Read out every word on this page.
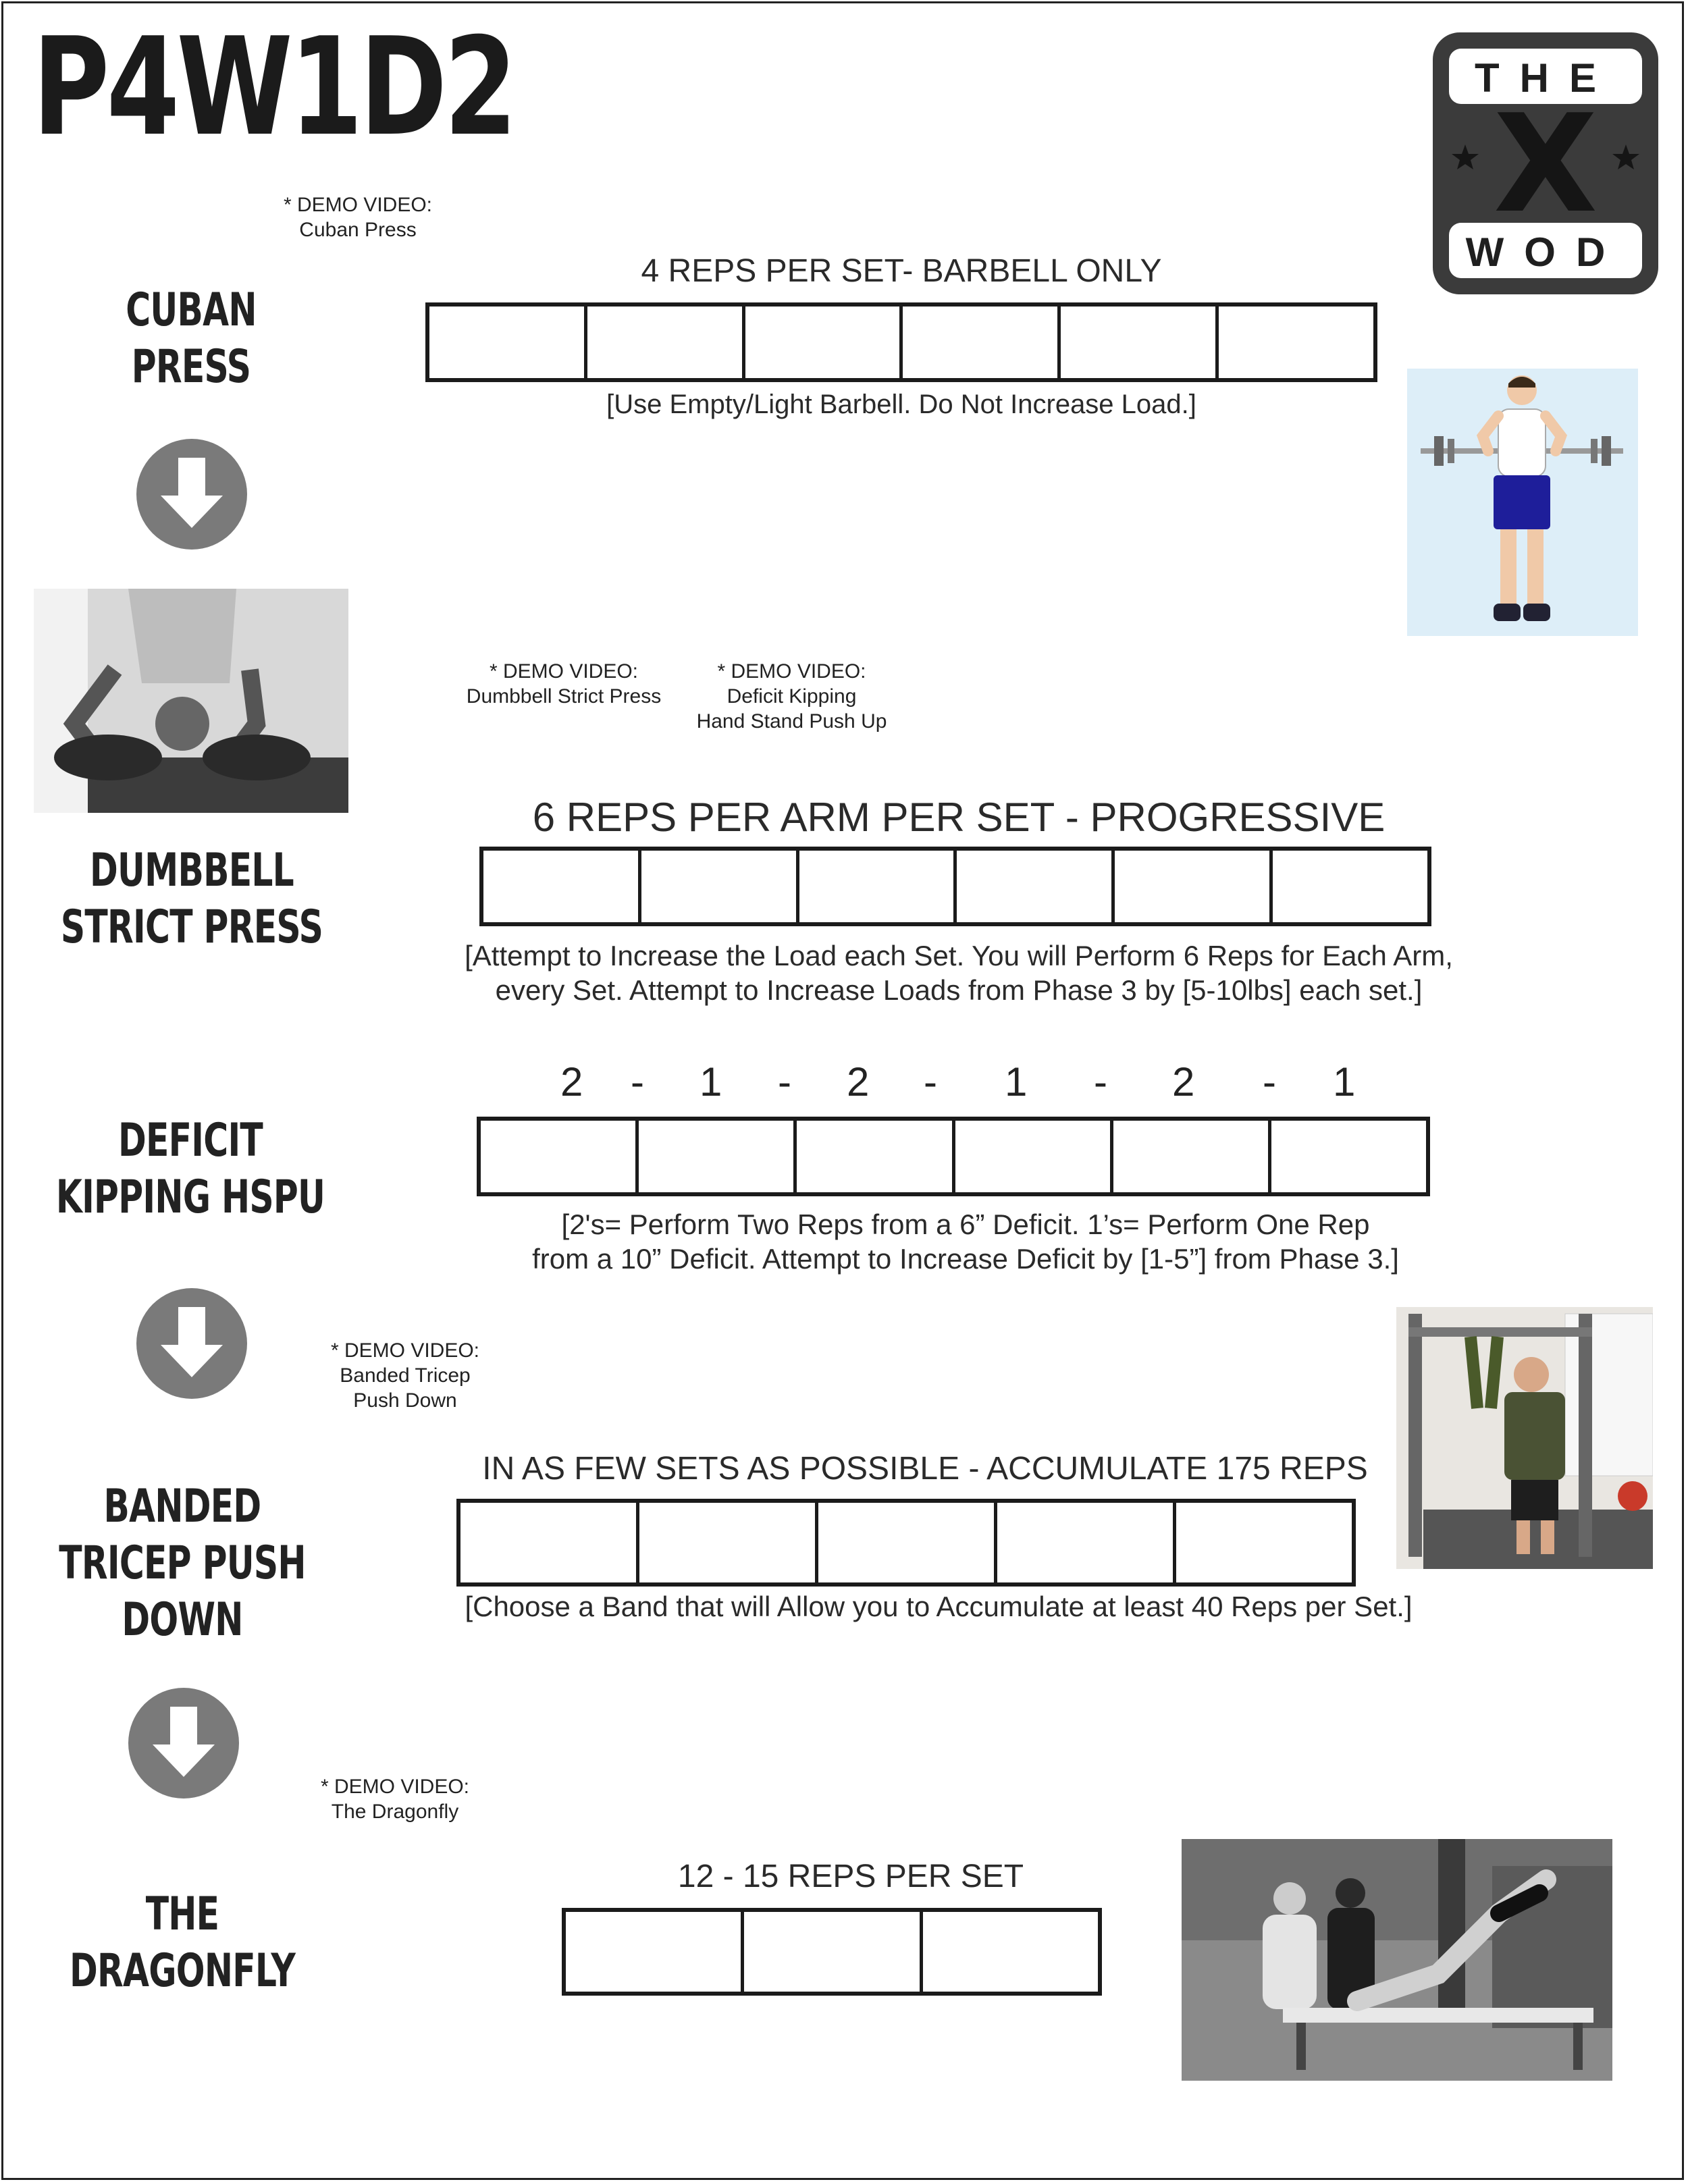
P4W1D2	THE
WOD
X
* DEMO VIDEO:
Cuban Press
CUBAN
PRESS
4 REPS PER SET- BARBELL ONLY
[Use Empty/Light Barbell. Do Not Increase Load.]
* DEMO VIDEO:
Dumbbell Strict Press
* DEMO VIDEO:
Deficit Kipping
Hand Stand Push Up
6 REPS PER ARM PER SET - PROGRESSIVE
DUMBBELL
STRICT PRESS
[Attempt to Increase the Load each Set. You will Perform 6 Reps for Each Arm,
every Set. Attempt to Increase Loads from Phase 3 by [5-10lbs] each set.]
2 - 1 - 2 - 1 - 2 - 1
DEFICIT
KIPPING HSPU
[2's= Perform Two Reps from a 6” Deficit. 1’s= Perform One Rep
from a 10” Deficit. Attempt to Increase Deficit by [1-5”] from Phase 3.]
* DEMO VIDEO:
Banded Tricep
Push Down
IN AS FEW SETS AS POSSIBLE - ACCUMULATE 175 REPS
BANDED
TRICEP PUSH DOWN	[Choose a Band that will Allow you to Accumulate at least 40 Reps per Set.]
* DEMO VIDEO:
The Dragonfly
12 - 15 REPS PER SET
THE
DRAGONFLY
